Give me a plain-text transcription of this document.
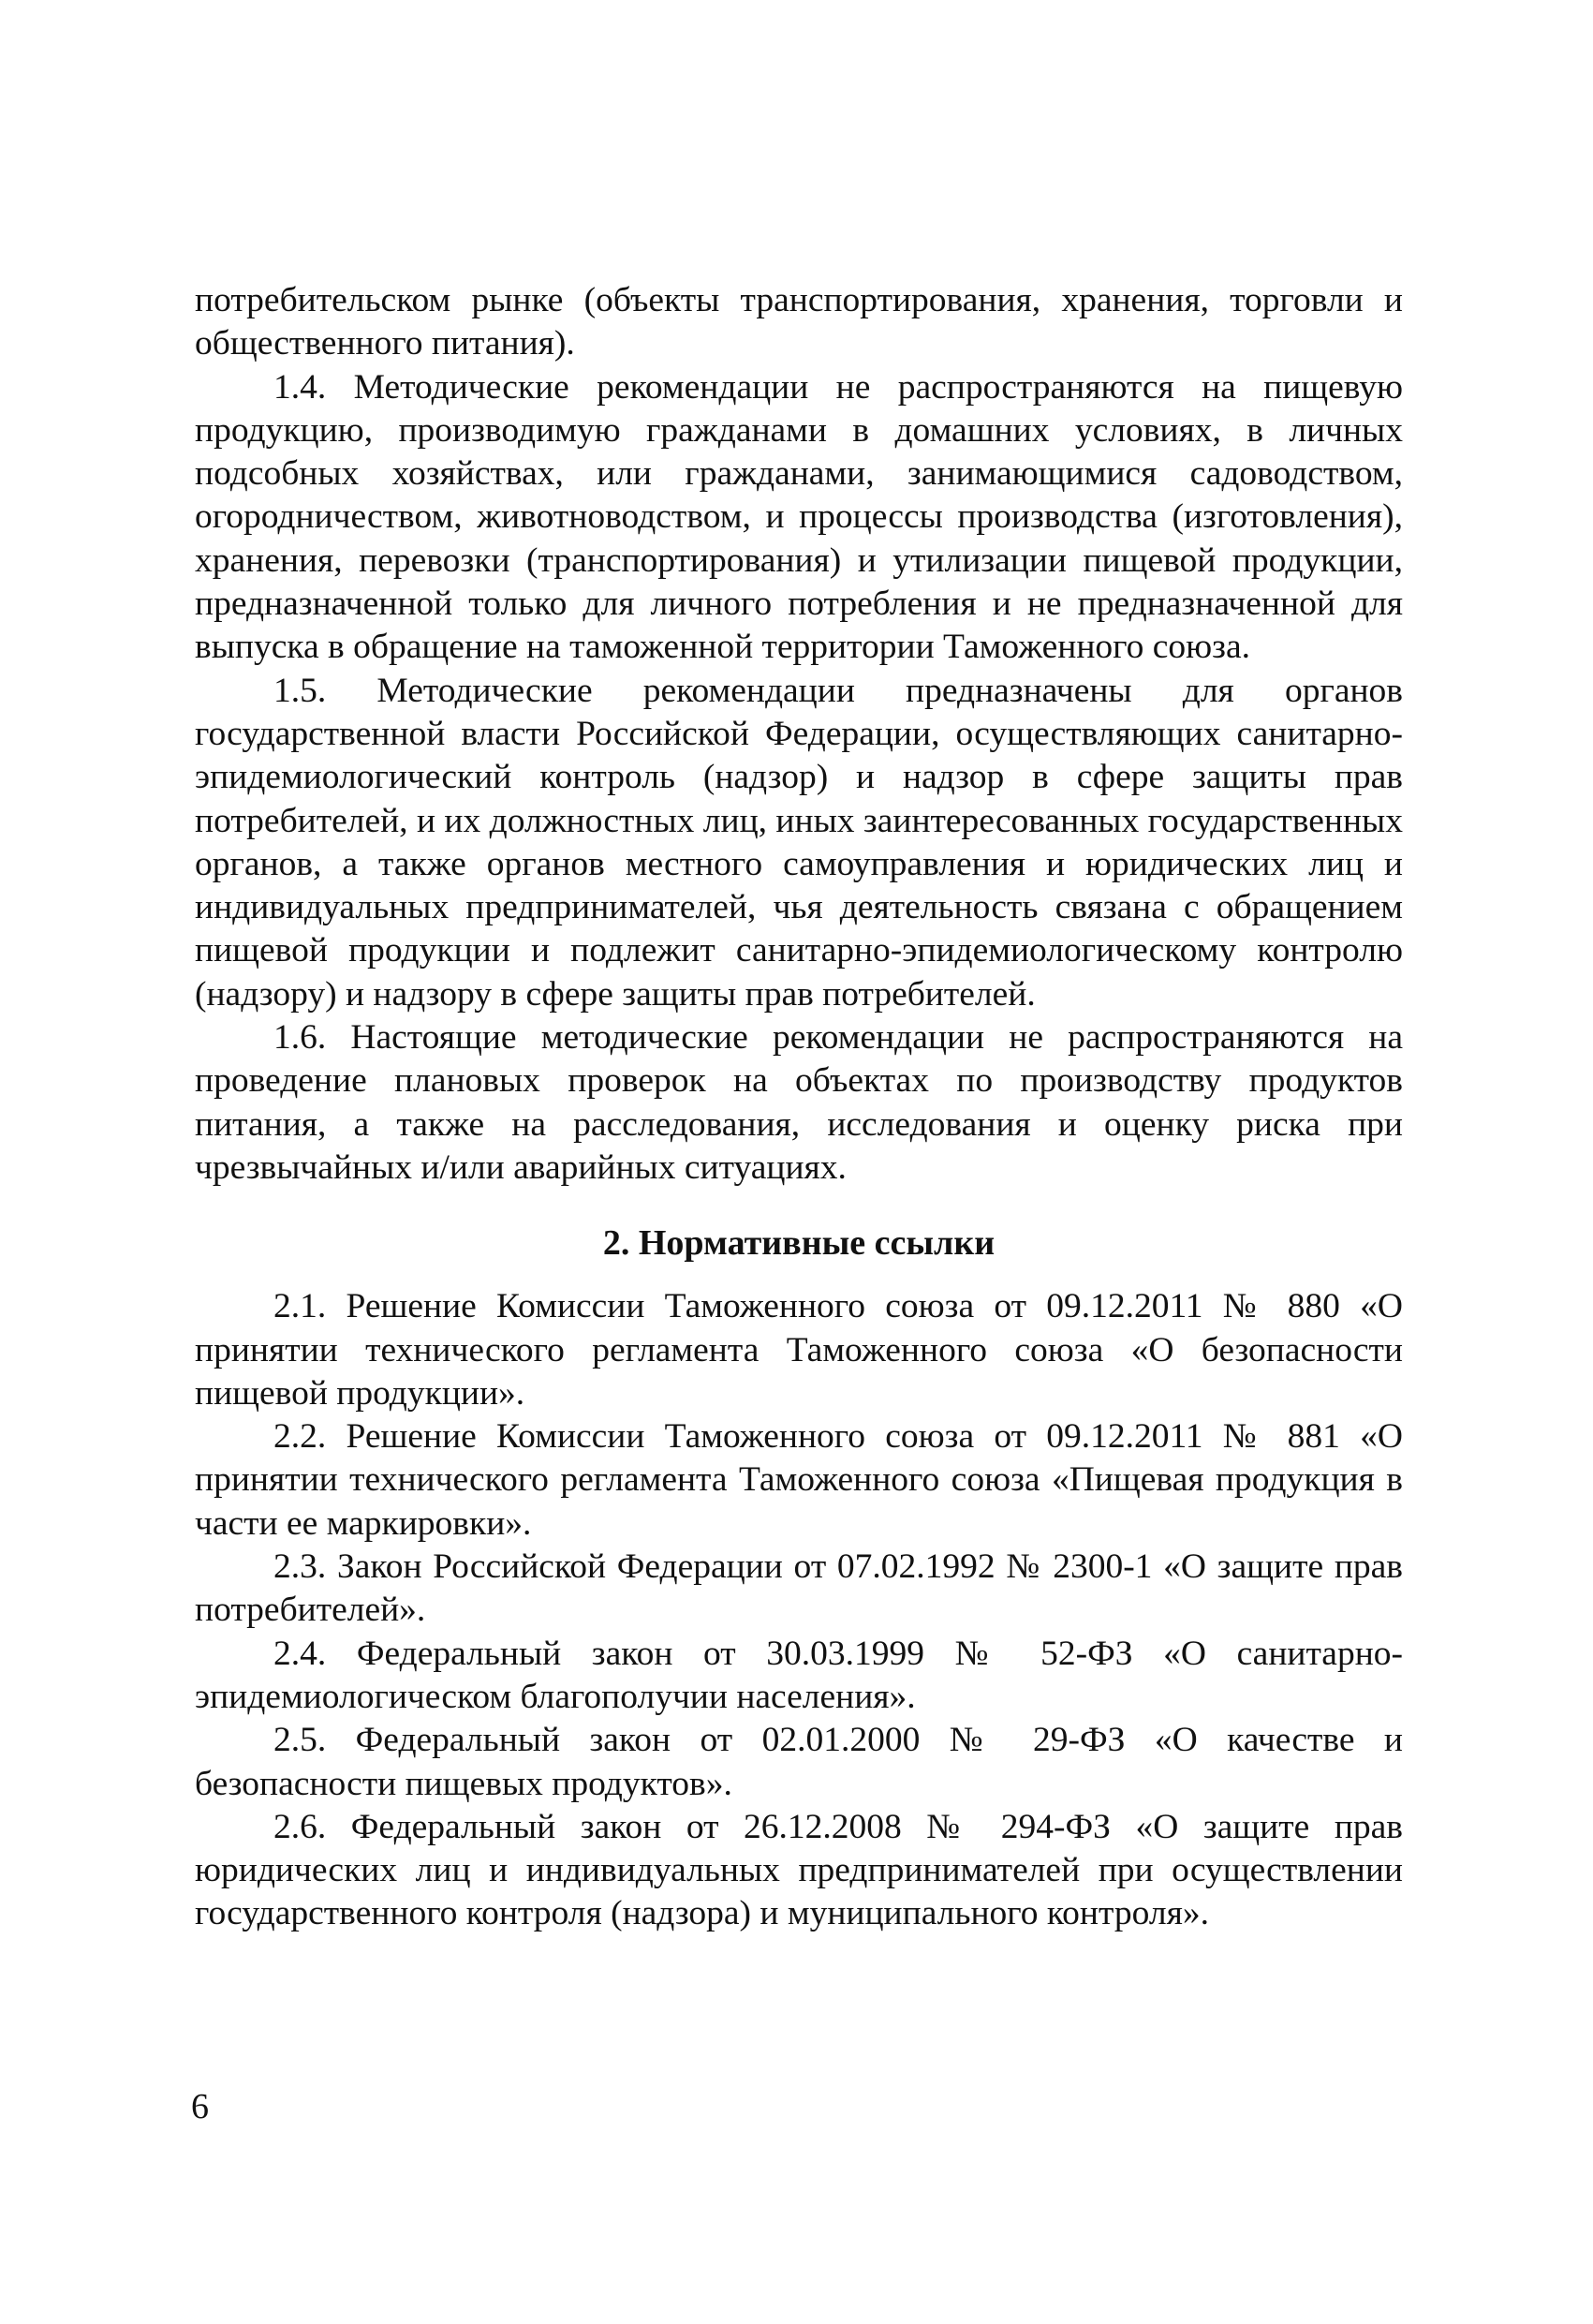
потребительском рынке (объекты транспортирования, хранения, торговли и общественного питания).

1.4. Методические рекомендации не распространяются на пищевую продукцию, производимую гражданами в домашних условиях, в личных подсобных хозяйствах, или гражданами, занимающимися садоводством, огородничеством, животноводством, и процессы производства (изготовления), хранения, перевозки (транспортирования) и утилизации пищевой продукции, предназначенной только для личного потребления и не предназначенной для выпуска в обращение на таможенной территории Таможенного союза.

1.5. Методические рекомендации предназначены для органов государственной власти Российской Федерации, осуществляющих санитарно-эпидемиологический контроль (надзор) и надзор в сфере защиты прав потребителей, и их должностных лиц, иных заинтересованных государственных органов, а также органов местного самоуправления и юридических лиц и индивидуальных предпринимателей, чья деятельность связана с обращением пищевой продукции и подлежит санитарно-эпидемиологическому контролю (надзору) и надзору в сфере защиты прав потребителей.

1.6. Настоящие методические рекомендации не распространяются на проведение плановых проверок на объектах по производству продуктов питания, а также на расследования, исследования и оценку риска при чрезвычайных и/или аварийных ситуациях.

2. Нормативные ссылки

2.1. Решение Комиссии Таможенного союза от 09.12.2011 № 880 «О принятии технического регламента Таможенного союза «О безопасности пищевой продукции».

2.2. Решение Комиссии Таможенного союза от 09.12.2011 № 881 «О принятии технического регламента Таможенного союза «Пищевая продукция в части ее маркировки».

2.3. Закон Российской Федерации от 07.02.1992 № 2300-1 «О защите прав потребителей».

2.4. Федеральный закон от 30.03.1999 № 52-ФЗ «О санитарно-эпидемиологическом благополучии населения».

2.5. Федеральный закон от 02.01.2000 № 29-ФЗ «О качестве и безопасности пищевых продуктов».

2.6. Федеральный закон от 26.12.2008 № 294-ФЗ «О защите прав юридических лиц и индивидуальных предпринимателей при осуществлении государственного контроля (надзора) и муниципального контроля».

6
